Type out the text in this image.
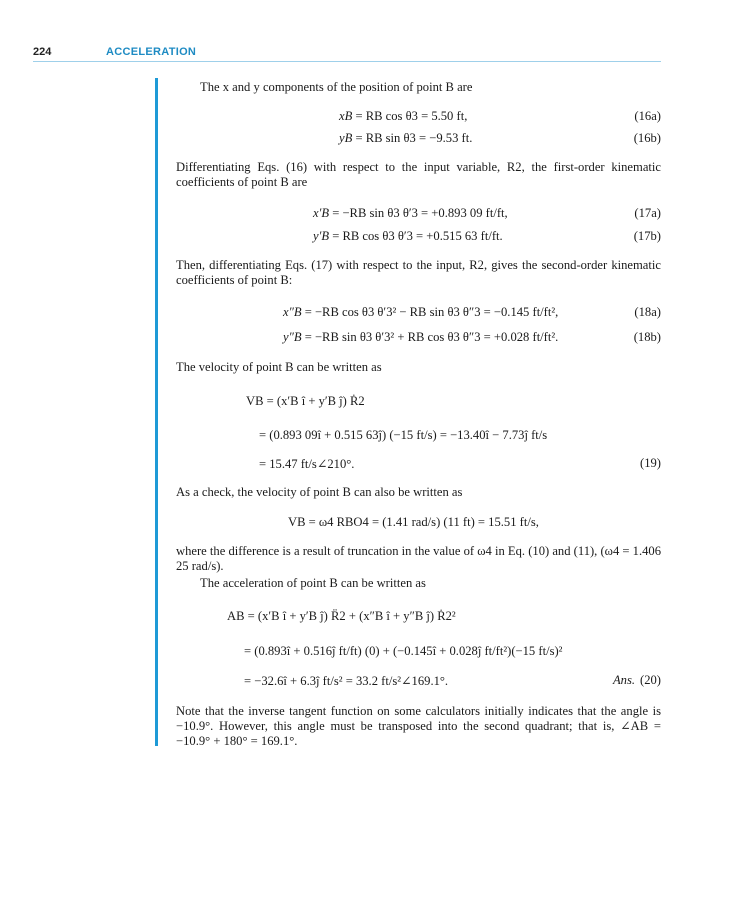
224	ACCELERATION
The x and y components of the position of point B are
xB = RB cos θ3 = 5.50 ft,	(16a)
yB = RB sin θ3 = −9.53 ft.	(16b)
Differentiating Eqs. (16) with respect to the input variable, R2, the first-order kinematic coefficients of point B are
x′B = −RB sin θ3 θ′3 = +0.893 09 ft/ft,	(17a)
y′B = RB cos θ3 θ′3 = +0.515 63 ft/ft.	(17b)
Then, differentiating Eqs. (17) with respect to the input, R2, gives the second-order kinematic coefficients of point B:
x″B = −RB cos θ3 θ′3² − RB sin θ3 θ″3 = −0.145 ft/ft²,	(18a)
y″B = −RB sin θ3 θ′3² + RB cos θ3 θ″3 = +0.028 ft/ft².	(18b)
The velocity of point B can be written as
VB = (x′B î + y′B ĵ) Ṙ2
= (0.893 09î + 0.515 63ĵ) (−15 ft/s) = −13.40î − 7.73ĵ ft/s
= 15.47 ft/s∠210°.	(19)
As a check, the velocity of point B can also be written as
VB = ω4 RBO4 = (1.41 rad/s) (11 ft) = 15.51 ft/s,
where the difference is a result of truncation in the value of ω4 in Eq. (10) and (11), (ω4 = 1.406 25 rad/s).
The acceleration of point B can be written as
AB = (x′B î + y′B ĵ) R̈2 + (x″B î + y″B ĵ) Ṙ2²
= (0.893î + 0.516ĵ ft/ft) (0) + (−0.145î + 0.028ĵ ft/ft²)(−15 ft/s)²
= −32.6î + 6.3ĵ ft/s² = 33.2 ft/s²∠169.1°.	Ans. (20)
Note that the inverse tangent function on some calculators initially indicates that the angle is −10.9°. However, this angle must be transposed into the second quadrant; that is, ∠AB = −10.9° + 180° = 169.1°.
